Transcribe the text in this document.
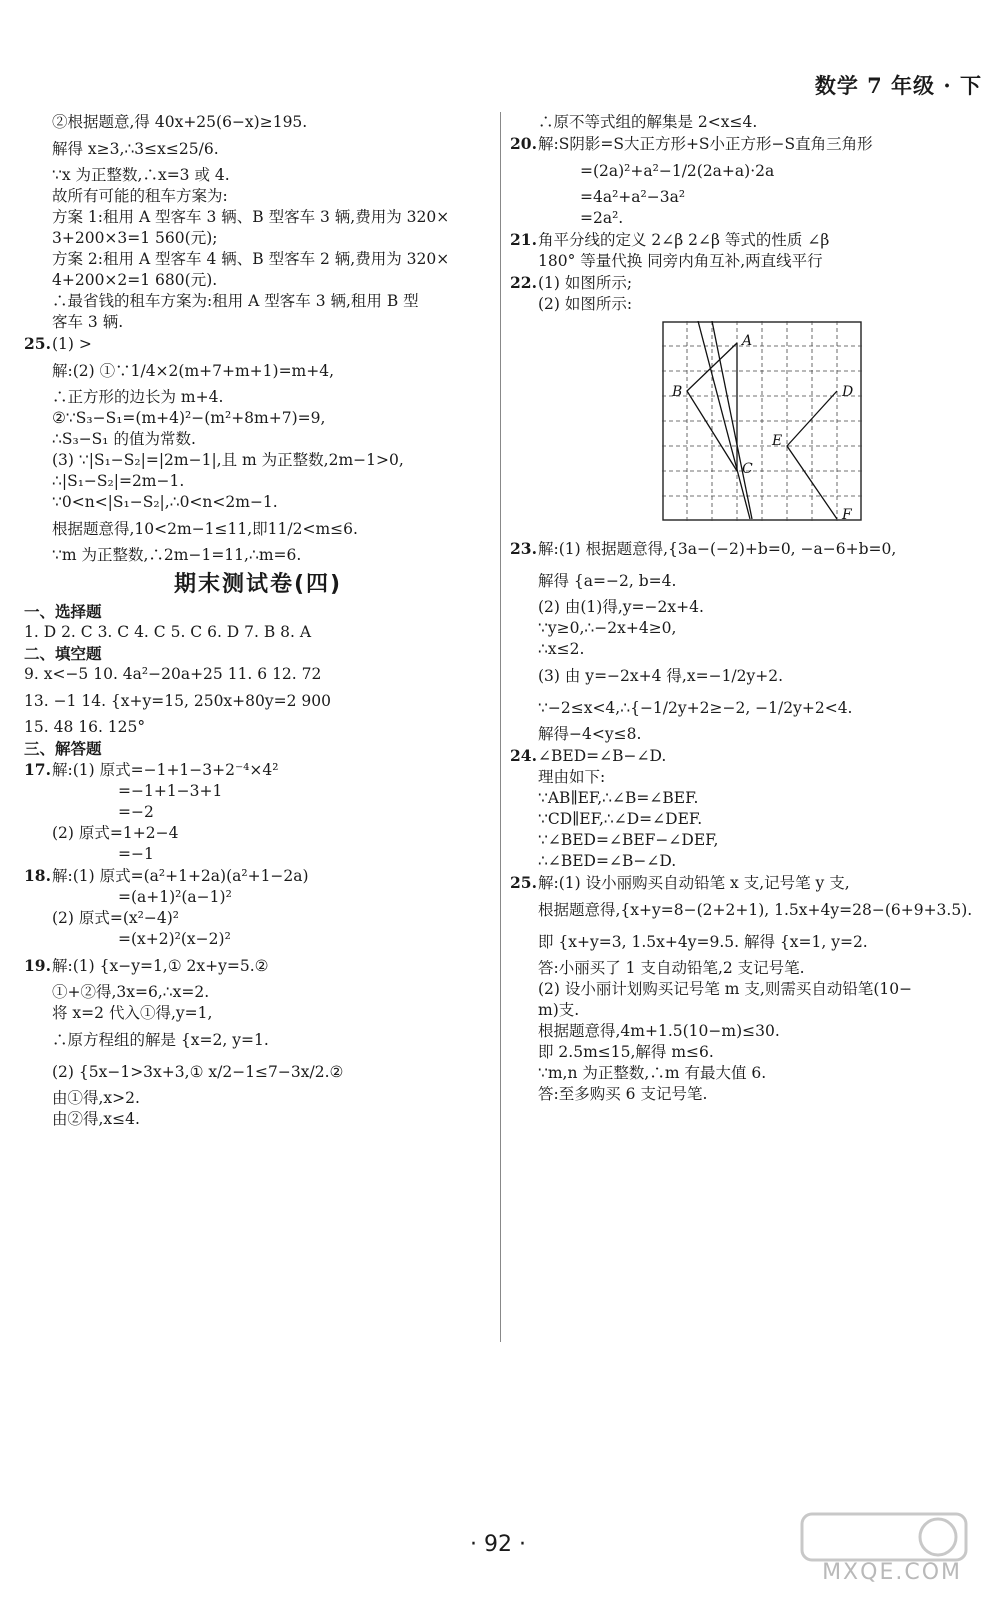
数学 7 年级 · 下
②根据题意,得 40x+25(6−x)≥195.
解得 x≥3,∴3≤x≤25/6.
∵x 为正整数,∴x=3 或 4.
故所有可能的租车方案为:
方案 1:租用 A 型客车 3 辆、B 型客车 3 辆,费用为 320×
3+200×3=1 560(元);
方案 2:租用 A 型客车 4 辆、B 型客车 2 辆,费用为 320×
4+200×2=1 680(元).
∴最省钱的租车方案为:租用 A 型客车 3 辆,租用 B 型
客车 3 辆.
25.(1) >
解:(2) ①∵1/4×2(m+7+m+1)=m+4,
∴正方形的边长为 m+4.
②∵S₃−S₁=(m+4)²−(m²+8m+7)=9,
∴S₃−S₁ 的值为常数.
(3) ∵|S₁−S₂|=|2m−1|,且 m 为正整数,2m−1>0,
∴|S₁−S₂|=2m−1.
∵0<n<|S₁−S₂|,∴0<n<2m−1.
根据题意得,10<2m−1≤11,即11/2<m≤6.
∵m 为正整数,∴2m−1=11,∴m=6.
期末测试卷(四)
一、选择题
1. D 2. C 3. C 4. C 5. C 6. D 7. B 8. A
二、填空题
9. x<−5 10. 4a²−20a+25 11. 6 12. 72
13. −1 14. {x+y=15, 250x+80y=2 900
15. 48 16. 125°
三、解答题
17.解:(1) 原式=−1+1−3+2⁻⁴×4²
=−1+1−3+1
=−2
(2) 原式=1+2−4
=−1
18.解:(1) 原式=(a²+1+2a)(a²+1−2a)
=(a+1)²(a−1)²
(2) 原式=(x²−4)²
=(x+2)²(x−2)²
19.解:(1) {x−y=1,① 2x+y=5.②
①+②得,3x=6,∴x=2.
将 x=2 代入①得,y=1,
∴原方程组的解是 {x=2, y=1.
(2) {5x−1>3x+3,① x/2−1≤7−3x/2.②
由①得,x>2.
由②得,x≤4.
∴原不等式组的解集是 2<x≤4.
20.解:S阴影=S大正方形+S小正方形−S直角三角形
=(2a)²+a²−1/2(2a+a)·2a
=4a²+a²−3a²
=2a².
21.角平分线的定义 2∠β 2∠β 等式的性质 ∠β
180° 等量代换 同旁内角互补,两直线平行
22.(1) 如图所示;
(2) 如图所示:
A
B
C
D
E
F
23.解:(1) 根据题意得,{3a−(−2)+b=0, −a−6+b=0,
解得 {a=−2, b=4.
(2) 由(1)得,y=−2x+4.
∵y≥0,∴−2x+4≥0,
∴x≤2.
(3) 由 y=−2x+4 得,x=−1/2y+2.
∵−2≤x<4,∴{−1/2y+2≥−2, −1/2y+2<4.
解得−4<y≤8.
24.∠BED=∠B−∠D.
理由如下:
∵AB∥EF,∴∠B=∠BEF.
∵CD∥EF,∴∠D=∠DEF.
∵∠BED=∠BEF−∠DEF,
∴∠BED=∠B−∠D.
25.解:(1) 设小丽购买自动铅笔 x 支,记号笔 y 支,
根据题意得,{x+y=8−(2+2+1), 1.5x+4y=28−(6+9+3.5).
即 {x+y=3, 1.5x+4y=9.5. 解得 {x=1, y=2.
答:小丽买了 1 支自动铅笔,2 支记号笔.
(2) 设小丽计划购买记号笔 m 支,则需买自动铅笔(10−
m)支.
根据题意得,4m+1.5(10−m)≤30.
即 2.5m≤15,解得 m≤6.
∵m,n 为正整数,∴m 有最大值 6.
答:至多购买 6 支记号笔.
· 92 ·
MXQE.COM
